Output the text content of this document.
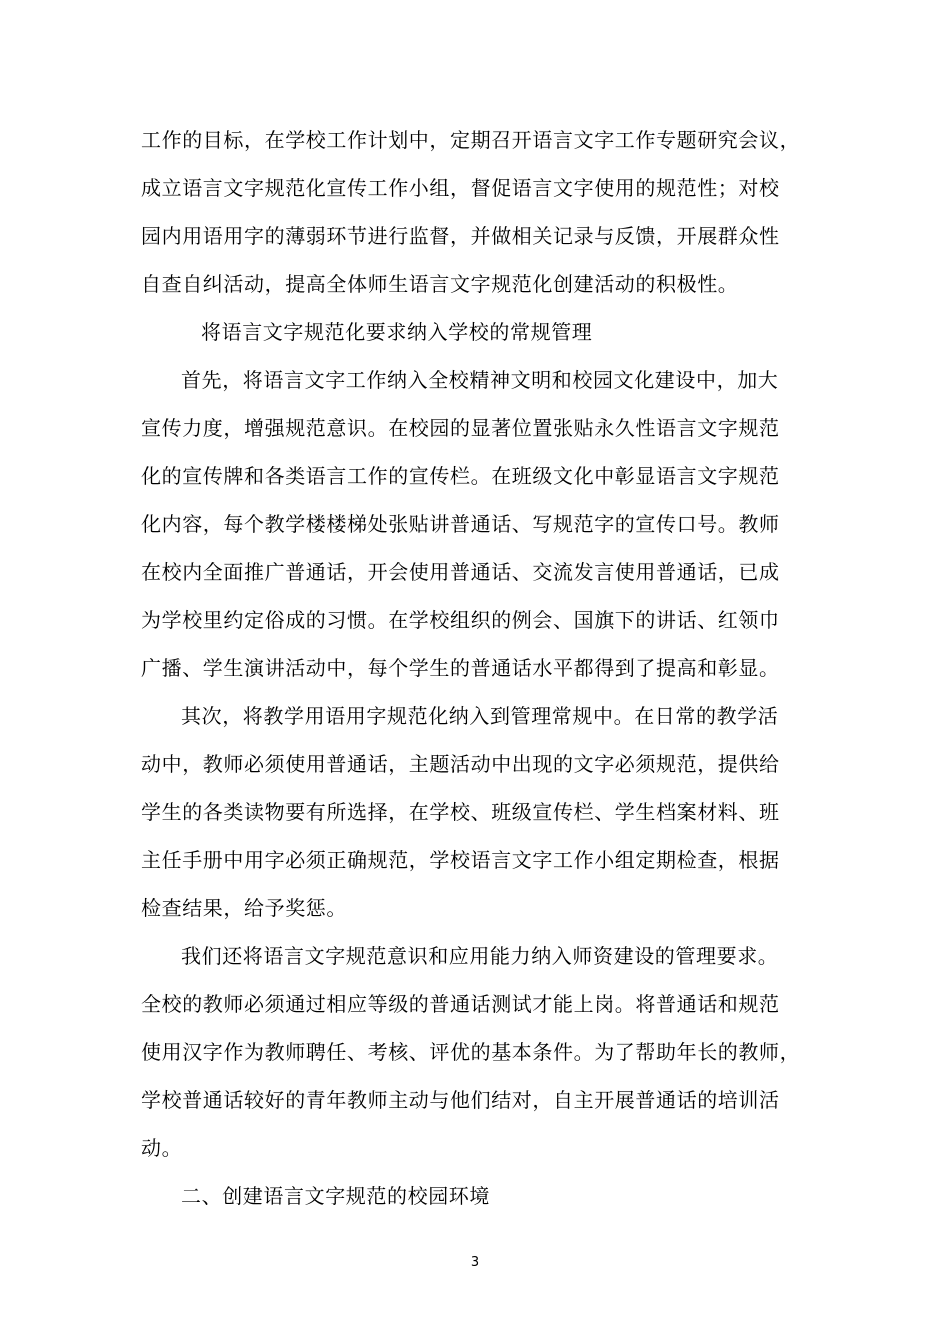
工作的目标，在学校工作计划中，定期召开语言文字工作专题研究会议，
成立语言文字规范化宣传工作小组，督促语言文字使用的规范性；对校
园内用语用字的薄弱环节进行监督，并做相关记录与反馈，开展群众性
自查自纠活动，提高全体师生语言文字规范化创建活动的积极性。
将语言文字规范化要求纳入学校的常规管理
首先，将语言文字工作纳入全校精神文明和校园文化建设中，加大
宣传力度，增强规范意识。在校园的显著位置张贴永久性语言文字规范
化的宣传牌和各类语言工作的宣传栏。在班级文化中彰显语言文字规范
化内容，每个教学楼楼梯处张贴讲普通话、写规范字的宣传口号。教师
在校内全面推广普通话，开会使用普通话、交流发言使用普通话，已成
为学校里约定俗成的习惯。在学校组织的例会、国旗下的讲话、红领巾
广播、学生演讲活动中，每个学生的普通话水平都得到了提高和彰显。
其次，将教学用语用字规范化纳入到管理常规中。在日常的教学活
动中，教师必须使用普通话，主题活动中出现的文字必须规范，提供给
学生的各类读物要有所选择，在学校、班级宣传栏、学生档案材料、班
主任手册中用字必须正确规范，学校语言文字工作小组定期检查，根据
检查结果，给予奖惩。
我们还将语言文字规范意识和应用能力纳入师资建设的管理要求。
全校的教师必须通过相应等级的普通话测试才能上岗。将普通话和规范
使用汉字作为教师聘任、考核、评优的基本条件。为了帮助年长的教师，
学校普通话较好的青年教师主动与他们结对，自主开展普通话的培训活
动。
二、创建语言文字规范的校园环境
3
